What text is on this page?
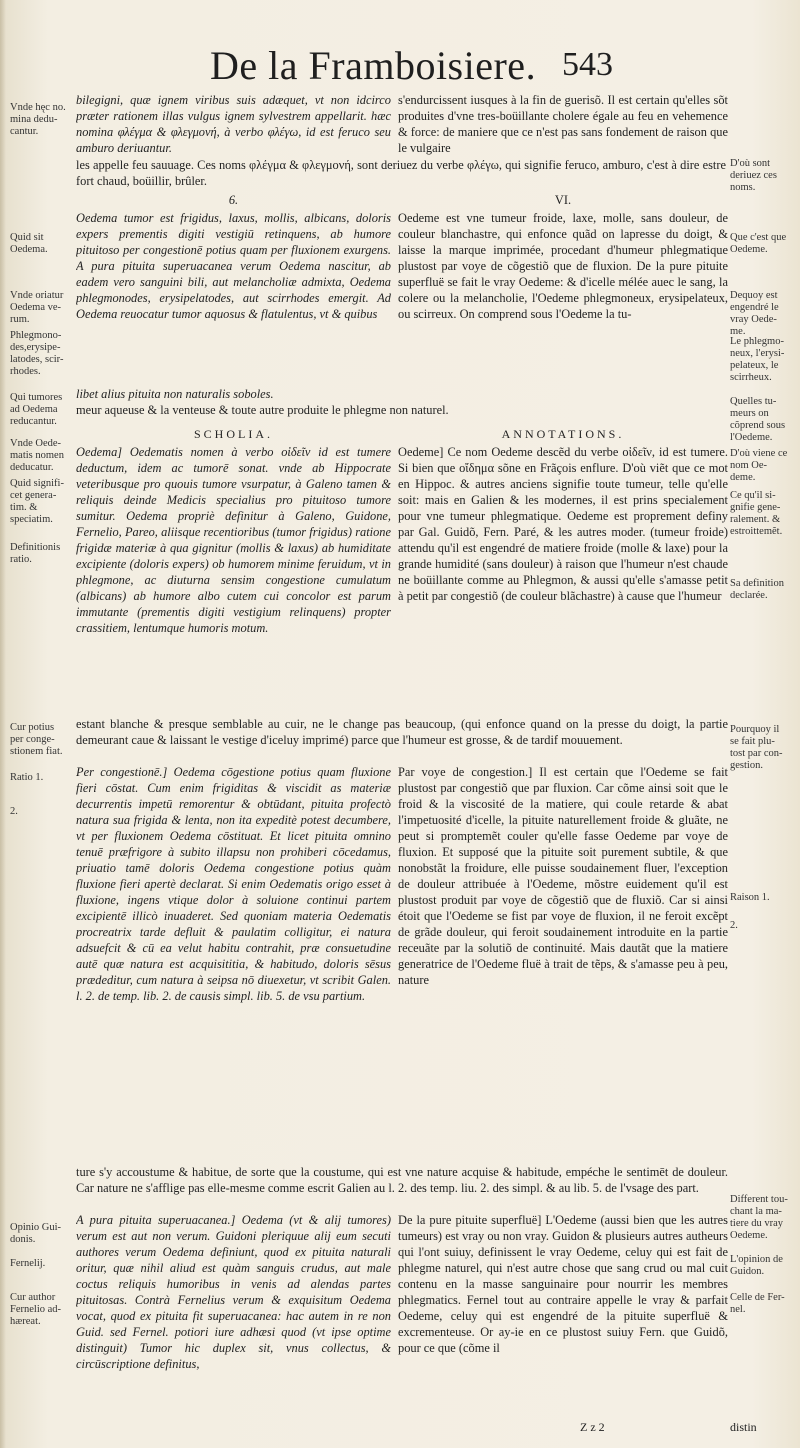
De la Framboisiere. 543
Vnde hęc no. mina dedu- cantur.
Quid sit Oedema.
Vnde oriatur Oedema ve- rum.
Phlegmono- des,erysipe- latodes, scir- rhodes.
Qui tumores ad Oedema reducantur.
Vnde Oede- matis nomen deducatur.
Quid signifi- cet genera- tim. & speciatim.
Definitionis ratio.
Cur potius per conge- stionem fiat.
Ratio 1.
2.
Opinio Gui- donis.
Fernelij.
Cur author Fernelio ad- hæreat.
D'où sont deriuez ces noms.
Que c'est que Oedeme.
Dequoy est engendré le vray Oede- me.
Le phlegmo- neux, l'erysi- pelateux, le scirrheux.
Quelles tu- meurs on cõprend sous l'Oedeme.
D'où viene ce nom Oe- deme.
Ce qu'il si- gnifie gene- ralement. & estroittemẽt.
Sa definition declarée.
Pourquoy il se fait plu- tost par con- gestion.
Raison 1.
2.
Different tou- chant la ma- tiere du vray Oedeme.
L'opinion de Guidon.
Celle de Fer- nel.
bilegigni, quæ ignem viribus suis adæquet, vt non idcirco præter rationem illas vulgus ignem sylvestrem appellarit. hæc nomina φλέγμα & φλεγμονή, à verbo φλέγω, id est feruco seu amburo deriuantur.
s'endurcissent iusques à la fin de guerisõ. Il est certain qu'elles sõt produites d'vne tres-boüillante cholere égale au feu en vehemence & force: de maniere que ce n'est pas sans fondement de raison que le vulgaire
les appelle feu sauuage. Ces noms φλέγμα & φλεγμονή, sont deriuez du verbe φλέγω, qui signifie feruco, amburo, c'est à dire estre fort chaud, boüillir, brûler.
6.	VI.
Oedema tumor est frigidus, laxus, mollis, albicans, doloris expers prementis digiti vestigiū retinquens, ab humore pituitoso per congestionē potius quam per fluxionem exurgens. A pura pituita superuacanea verum Oedema nascitur, ab eadem vero sanguini bili, aut melancholiæ admixta, Oedema phlegmonodes, erysipelatodes, aut scirrhodes emergit. Ad Oedema reuocatur tumor aquosus & flatulentus, vt & quibus
Oedeme est vne tumeur froide, laxe, molle, sans douleur, de couleur blanchastre, qui enfonce quãd on lapresse du doigt, & laisse la marque imprimée, procedant d'humeur phlegmatique plustost par voye de cõgestiõ que de fluxion. De la pure pituite superfluë se fait le vray Oedeme: & d'icelle mélée auec le sang, la colere ou la melancholie, l'Oedeme phlegmoneux, erysipelateux, ou scirreux. On comprend sous l'Oedeme la tu-
libet alius pituita non naturalis soboles.
meur aqueuse & la venteuse & toute autre produite le phlegme non naturel.
SCHOLIA.	ANNOTATIONS.
Oedema] Oedematis nomen à verbo οἰδεῖν id est tumere deductum, idem ac tumorē sonat. vnde ab Hippocrate veteribusque pro quouis tumore vsurpatur, à Galeno tamen & reliquis deinde Medicis specialius pro pituitoso tumore sumitur. Oedema propriè definitur à Galeno, Guidone, Fernelio, Pareo, aliisque recentioribus (tumor frigidus) ratione frigidæ materiæ à qua gignitur (mollis & laxus) ab humiditate excipiente (doloris expers) ob humorem minime feruidum, vt in phlegmone, ac diuturna sensim congestione cumulatum (albicans) ab humore albo cutem cui concolor est parum immutante (prementis digiti vestigium relinquens) propter crassitiem, lentumque humoris motum.
Oedeme] Ce nom Oedeme descẽd du verbe οἰδεῖν, id est tumere. Si bien que οἴδημα sõne en Frãçois enflure. D'où viẽt que ce mot en Hippoc. & autres anciens signifie toute tumeur, telle qu'elle soit: mais en Galien & les modernes, il est prins specialement pour vne tumeur phlegmatique. Oedeme est proprement definy par Gal. Guidõ, Fern. Paré, & les autres moder. (tumeur froide) attendu qu'il est engendré de matiere froide (molle & laxe) pour la grande humidité (sans douleur) à raison que l'humeur n'est chaude ne boüillante comme au Phlegmon, & aussi qu'elle s'amasse petit à petit par congestiõ (de couleur blãchastre) à cause que l'humeur
estant blanche & presque semblable au cuir, ne le change pas beaucoup, (qui enfonce quand on la presse du doigt, la partie demeurant caue & laissant le vestige d'iceluy imprimé) parce que l'humeur est grosse, & de tardif mouuement.
Per congestionē.] Oedema cōgestione potius quam fluxione fieri cōstat. Cum enim frigiditas & viscidit as materiæ decurrentis impetū remorentur & obtūdant, pituita profectò natura sua frigida & lenta, non ita expeditè potest decumbere, vt per fluxionem Oedema cōstituat. Et licet pituita omnino tenuē præfrigore à subito illapsu non prohiberi cōcedamus, priuatio tamē doloris Oedema congestione potius quàm fluxione fieri apertè declarat. Si enim Oedematis origo esset à fluxione, ingens vtique dolor à soluione continui partem excipientē illicò inuaderet. Sed quoniam materia Oedematis procreatrix tarde defluit & paulatim colligitur, ei natura adsuefcit & cū ea velut habitu contrahit, præ consuetudine autē quæ natura est acquisititia, & habitudo, doloris sēsus prædeditur, cum natura à seipsa nō diuexetur, vt scribit Galen. l. 2. de temp. lib. 2. de causis simpl. lib. 5. de vsu partium.
Par voye de congestion.] Il est certain que l'Oedeme se fait plustost par congestiõ que par fluxion. Car cõme ainsi soit que le froid & la viscosité de la matiere, qui coule retarde & abat l'impetuosité d'icelle, la pituite naturellement froide & gluãte, ne peut si promptemẽt couler qu'elle fasse Oedeme par voye de fluxion. Et supposé que la pituite soit purement subtile, & que nonobstãt la froidure, elle puisse soudainement fluer, l'exception de douleur attribuée à l'Oedeme, mõstre euidement qu'il est plustost produit par voye de cõgestiõ que de fluxiõ. Car si ainsi étoit que l'Oedeme se fist par voye de fluxion, il ne feroit excẽpt de grãde douleur, qui feroit soudainement introduite en la partie receuãte par la solutiõ de continuité. Mais dautãt que la matiere generatrice de l'Oedeme fluë à trait de tẽps, & s'amasse peu à peu, nature
ture s'y accoustume & habitue, de sorte que la coustume, qui est vne nature acquise & habitude, empéche le sentimēt de douleur. Car nature ne s'afflige pas elle-mesme comme escrit Galien au l. 2. des temp. liu. 2. des simpl. & au lib. 5. de l'vsage des part.
A pura pituita superuacanea.] Oedema (vt & alij tumores) verum est aut non verum. Guidoni pleriquue alij eum secuti authores verum Oedema definiunt, quod ex pituita naturali oritur, quæ nihil aliud est quàm sanguis crudus, aut male coctus reliquis humoribus in venis ad alendas partes pituitosas. Contrà Fernelius verum & exquisitum Oedema vocat, quod ex pituita fit superuacanea: hac autem in re non Guid. sed Fernel. potiori iure adhæsi quod (vt ipse optime distinguit) Tumor hic duplex sit, vnus collectus, & circūscriptione definitus,
De la pure pituite superfluë] L'Oedeme (aussi bien que les autres tumeurs) est vray ou non vray. Guidon & plusieurs autres autheurs qui l'ont suiuy, definissent le vray Oedeme, celuy qui est fait de phlegme naturel, qui n'est autre chose que sang crud ou mal cuit contenu en la masse sanguinaire pour nourrir les membres phlegmatics. Fernel tout au contraire appelle le vray & parfait Oedeme, celuy qui est engendré de la pituite superfluë & excrementeuse. Or ay-ie en ce plustost suiuy Fern. que Guidõ, pour ce que (cõme il
Z z 2	distin
